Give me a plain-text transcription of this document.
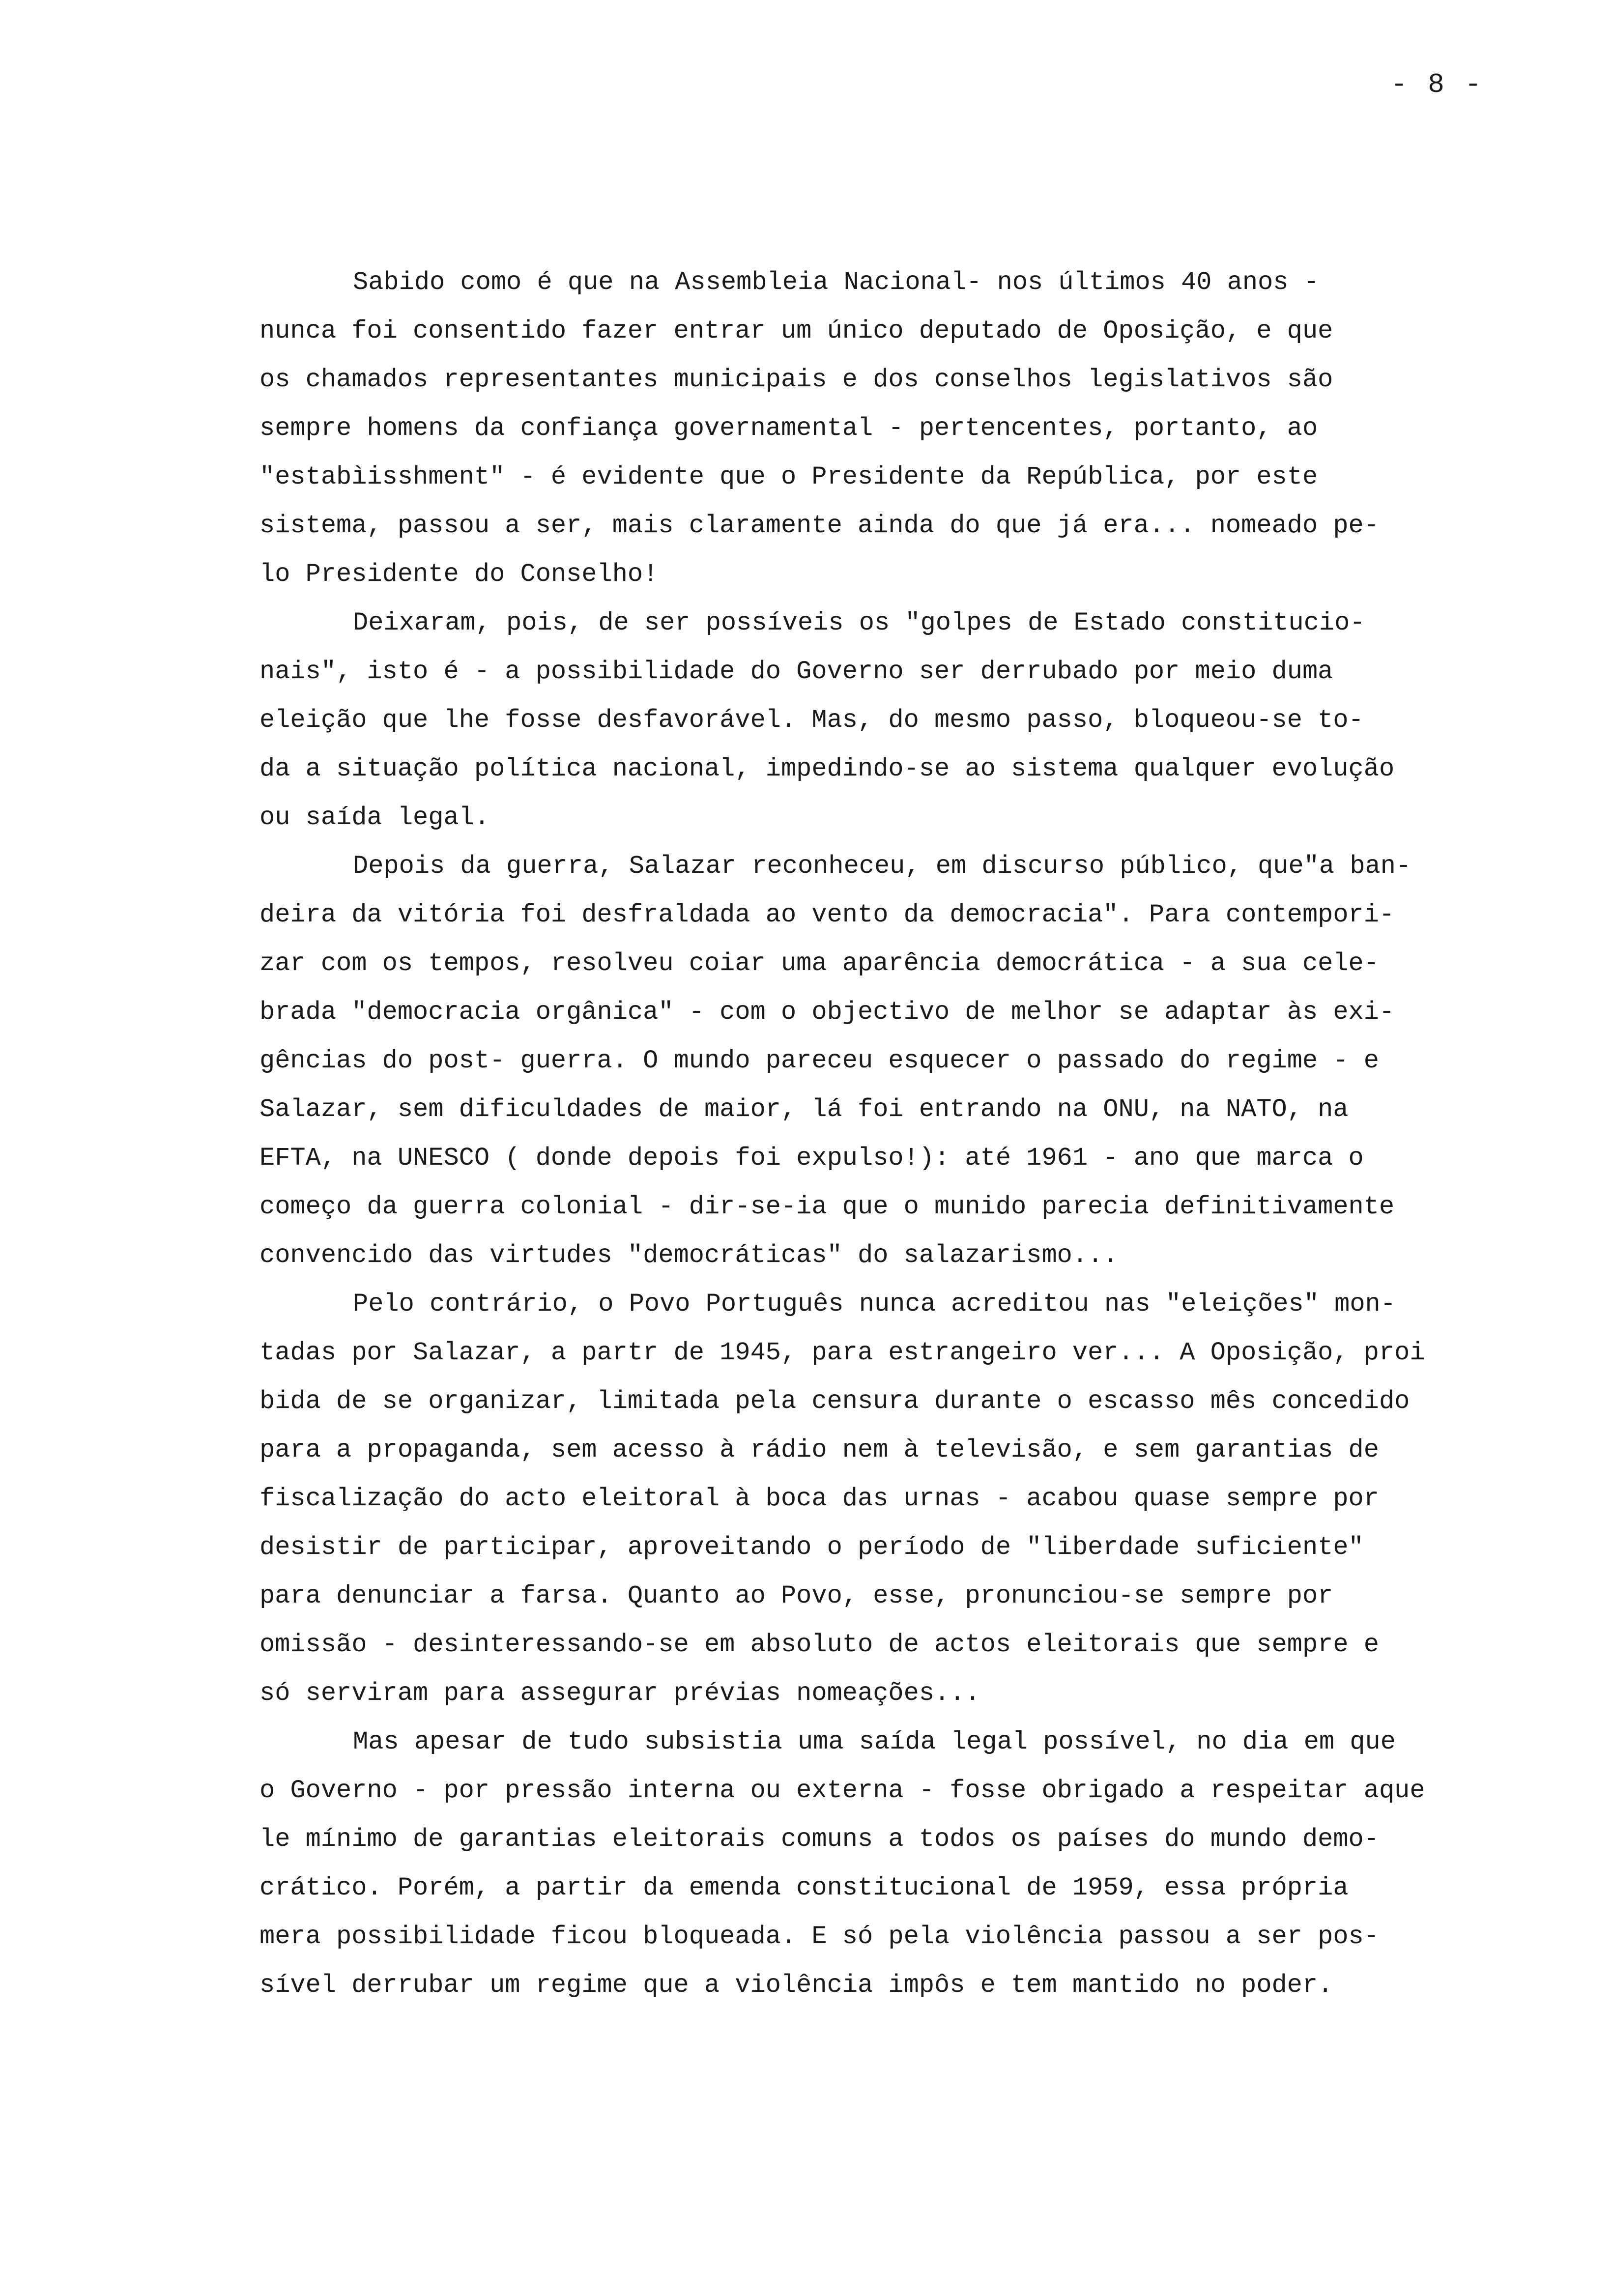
- 8 -
Sabido como é que na Assembleia Nacional- nos últimos 40 anos -
nunca foi consentido fazer entrar um único deputado de Oposição, e que
os chamados representantes municipais e dos conselhos legislativos são
sempre homens da confiança governamental - pertencentes, portanto, ao
"estabìisshment" - é evidente que o Presidente da República, por este
sistema, passou a ser, mais claramente ainda do que já era... nomeado pe-
lo Presidente do Conselho!
Deixaram, pois, de ser possíveis os "golpes de Estado constitucio-
nais", isto é - a possibilidade do Governo ser derrubado por meio duma
eleição que lhe fosse desfavorável. Mas, do mesmo passo, bloqueou-se to-
da a situação política nacional, impedindo-se ao sistema qualquer evolução
ou saída legal.
Depois da guerra, Salazar reconheceu, em discurso público, que"a ban-
deira da vitória foi desfraldada ao vento da democracia". Para contempori-
zar com os tempos, resolveu coiar uma aparência democrática - a sua cele-
brada "democracia orgânica" - com o objectivo de melhor se adaptar às exi-
gências do post- guerra. O mundo pareceu esquecer o passado do regime - e
Salazar, sem dificuldades de maior, lá foi entrando na ONU, na NATO, na
EFTA, na UNESCO ( donde depois foi expulso!): até 1961 - ano que marca o
começo da guerra colonial - dir-se-ia que o munido parecia definitivamente
convencido das virtudes "democráticas" do salazarismo...
Pelo contrário, o Povo Português nunca acreditou nas "eleições" mon-
tadas por Salazar, a partr de 1945, para estrangeiro ver... A Oposição, proi
bida de se organizar, limitada pela censura durante o escasso mês concedido
para a propaganda, sem acesso à rádio nem à televisão, e sem garantias de
fiscalização do acto eleitoral à boca das urnas - acabou quase sempre por
desistir de participar, aproveitando o período de "liberdade suficiente"
para denunciar a farsa. Quanto ao Povo, esse, pronunciou-se sempre por
omissão - desinteressando-se em absoluto de actos eleitorais que sempre e
só serviram para assegurar prévias nomeações...
Mas apesar de tudo subsistia uma saída legal possível, no dia em que
o Governo - por pressão interna ou externa - fosse obrigado a respeitar aque
le mínimo de garantias eleitorais comuns a todos os países do mundo demo-
crático. Porém, a partir da emenda constitucional de 1959, essa própria
mera possibilidade ficou bloqueada. E só pela violência passou a ser pos-
sível derrubar um regime que a violência impôs e tem mantido no poder.
